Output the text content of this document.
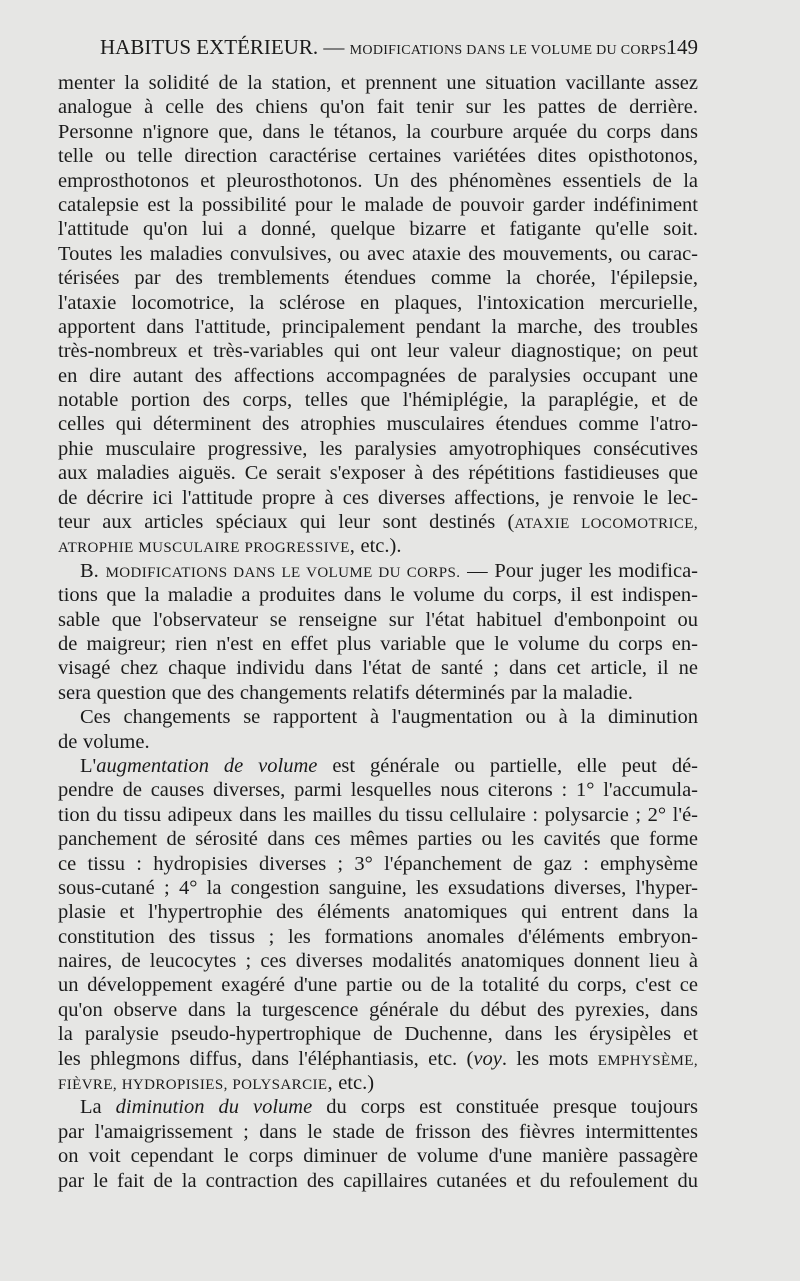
HABITUS EXTÉRIEUR. — MODIFICATIONS DANS LE VOLUME DU CORPS.
149
menter la solidité de la station, et prennent une situation vacillante assez
analogue à celle des chiens qu'on fait tenir sur les pattes de derrière.
Personne n'ignore que, dans le tétanos, la courbure arquée du corps dans
telle ou telle direction caractérise certaines variétées dites opisthotonos,
emprosthotonos et pleurosthotonos. Un des phénomènes essentiels de la
catalepsie est la possibilité pour le malade de pouvoir garder indéfiniment
l'attitude qu'on lui a donné, quelque bizarre et fatigante qu'elle soit.
Toutes les maladies convulsives, ou avec ataxie des mouvements, ou carac-
térisées par des tremblements étendues comme la chorée, l'épilepsie,
l'ataxie locomotrice, la sclérose en plaques, l'intoxication mercurielle,
apportent dans l'attitude, principalement pendant la marche, des troubles
très-nombreux et très-variables qui ont leur valeur diagnostique; on peut
en dire autant des affections accompagnées de paralysies occupant une
notable portion des corps, telles que l'hémiplégie, la paraplégie, et de
celles qui déterminent des atrophies musculaires étendues comme l'atro-
phie musculaire progressive, les paralysies amyotrophiques consécutives
aux maladies aiguës. Ce serait s'exposer à des répétitions fastidieuses que
de décrire ici l'attitude propre à ces diverses affections, je renvoie le lec-
teur aux articles spéciaux qui leur sont destinés (ATAXIE LOCOMOTRICE,
ATROPHIE MUSCULAIRE PROGRESSIVE, etc.).
B. MODIFICATIONS DANS LE VOLUME DU CORPS. — Pour juger les modifica-
tions que la maladie a produites dans le volume du corps, il est indispen-
sable que l'observateur se renseigne sur l'état habituel d'embonpoint ou
de maigreur; rien n'est en effet plus variable que le volume du corps en-
visagé chez chaque individu dans l'état de santé ; dans cet article, il ne
sera question que des changements relatifs déterminés par la maladie.
Ces changements se rapportent à l'augmentation ou à la diminution
de volume.
L'augmentation de volume est générale ou partielle, elle peut dé-
pendre de causes diverses, parmi lesquelles nous citerons : 1° l'accumula-
tion du tissu adipeux dans les mailles du tissu cellulaire : polysarcie ; 2° l'é-
panchement de sérosité dans ces mêmes parties ou les cavités que forme
ce tissu : hydropisies diverses ; 3° l'épanchement de gaz : emphysème
sous-cutané ; 4° la congestion sanguine, les exsudations diverses, l'hyper-
plasie et l'hypertrophie des éléments anatomiques qui entrent dans la
constitution des tissus ; les formations anomales d'éléments embryon-
naires, de leucocytes ; ces diverses modalités anatomiques donnent lieu à
un développement exagéré d'une partie ou de la totalité du corps, c'est ce
qu'on observe dans la turgescence générale du début des pyrexies, dans
la paralysie pseudo-hypertrophique de Duchenne, dans les érysipèles et
les phlegmons diffus, dans l'éléphantiasis, etc. (voy. les mots EMPHYSÈME,
FIÈVRE, HYDROPISIES, POLYSARCIE, etc.)
La diminution du volume du corps est constituée presque toujours
par l'amaigrissement ; dans le stade de frisson des fièvres intermittentes
on voit cependant le corps diminuer de volume d'une manière passagère
par le fait de la contraction des capillaires cutanées et du refoulement du
